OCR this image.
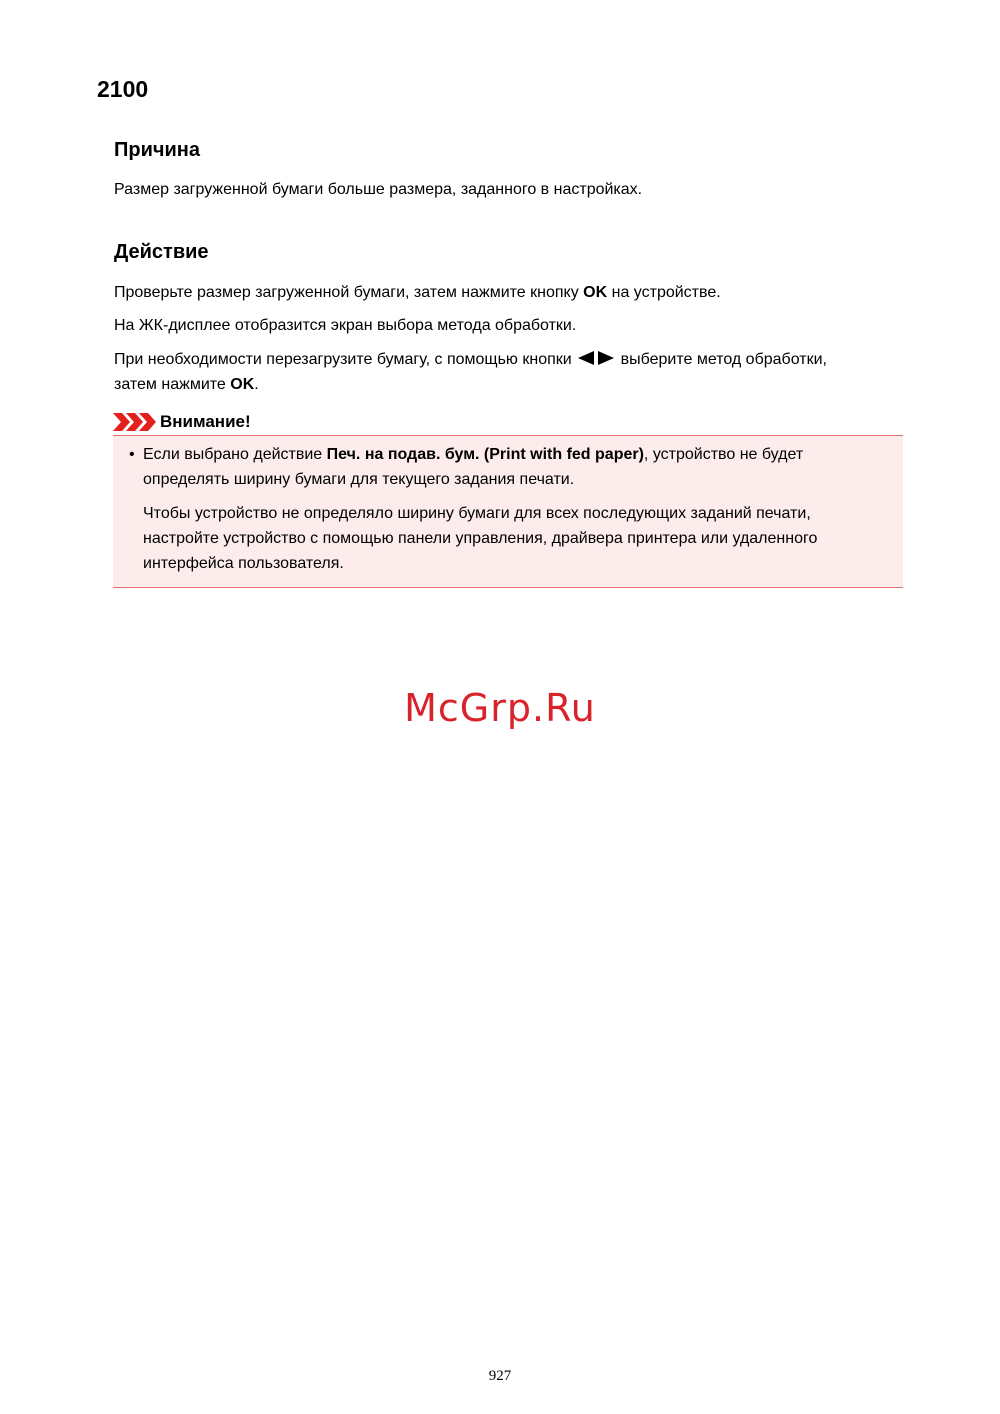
2100
Причина

Размер загруженной бумаги больше размера, заданного в настройках.

Действие

Проверьте размер загруженной бумаги, затем нажмите кнопку OK на устройстве.

На ЖК-дисплее отобразится экран выбора метода обработки.

При необходимости перезагрузите бумагу, с помощью кнопки	выберите метод обработки,
затем нажмите OK.

Внимание!
• Если выбрано действие Печ. на подав. бум. (Print with fed paper), устройство не будет определять ширину бумаги для текущего задания печати.

Чтобы устройство не определяло ширину бумаги для всех последующих заданий печати, настройте устройство с помощью панели управления, драйвера принтера или удаленного интерфейса пользователя.

McGrp.Ru
927
